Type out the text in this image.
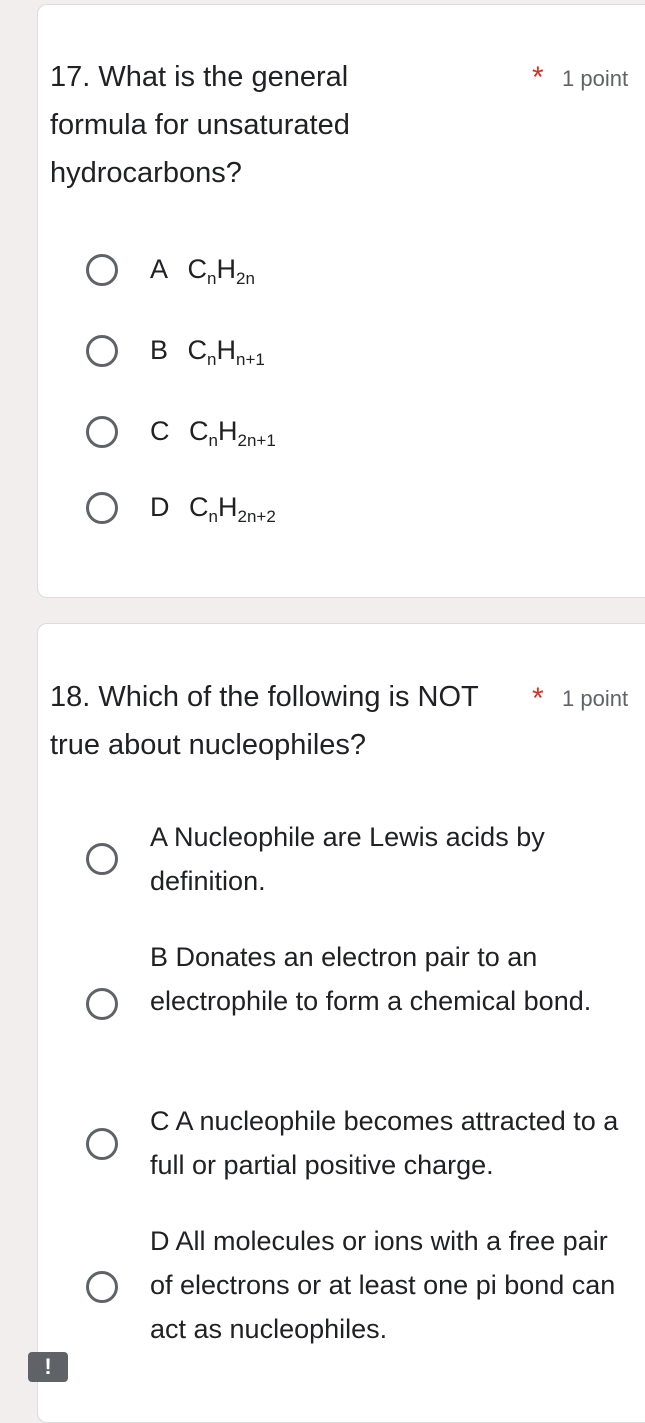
17. What is the general formula for unsaturated hydrocarbons?
* 1 point
A $C_nH_{2n}$
B $C_nH_{n+1}$
C $C_nH_{2n+1}$
D $C_nH_{2n+2}$
18. Which of the following is NOT true about nucleophiles?
* 1 point
A Nucleophile are Lewis acids by definition.
B Donates an electron pair to an electrophile to form a chemical bond.
C A nucleophile becomes attracted to a full or partial positive charge.
D All molecules or ions with a free pair of electrons or at least one pi bond can act as nucleophiles.
!
